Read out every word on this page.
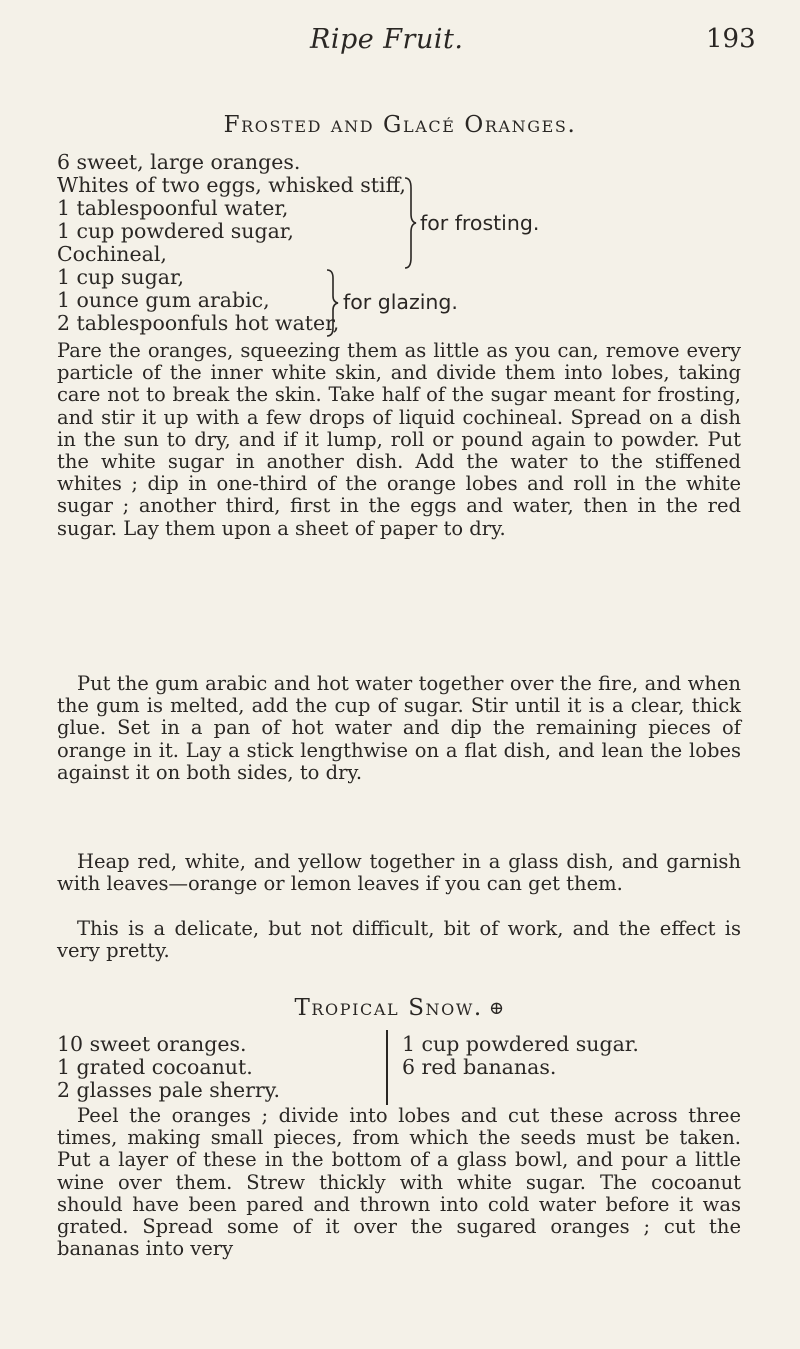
Ripe Fruit.	193
Frosted and Glacé Oranges.
6 sweet, large oranges.
Whites of two eggs, whisked stiff,
1 tablespoonful water,
1 cup powdered sugar,
Cochineal,
1 cup sugar,
1 ounce gum arabic,
2 tablespoonfuls hot water,
for frosting.
for glazing.

Pare the oranges, squeezing them as little as you can, remove every particle of the inner white skin, and divide them into lobes, taking care not to break the skin. Take half of the sugar meant for frosting, and stir it up with a few drops of liquid cochineal. Spread on a dish in the sun to dry, and if it lump, roll or pound again to powder. Put the white sugar in another dish. Add the water to the stiffened whites ; dip in one-third of the orange lobes and roll in the white sugar ; another third, first in the eggs and water, then in the red sugar. Lay them upon a sheet of paper to dry.

Put the gum arabic and hot water together over the fire, and when the gum is melted, add the cup of sugar. Stir until it is a clear, thick glue. Set in a pan of hot water and dip the remaining pieces of orange in it. Lay a stick lengthwise on a flat dish, and lean the lobes against it on both sides, to dry.

Heap red, white, and yellow together in a glass dish, and garnish with leaves—orange or lemon leaves if you can get them.

This is a delicate, but not difficult, bit of work, and the effect is very pretty.

Tropical Snow. ⊕
10 sweet oranges.
1 grated cocoanut.
2 glasses pale sherry.
1 cup powdered sugar.
6 red bananas.

Peel the oranges ; divide into lobes and cut these across three times, making small pieces, from which the seeds must be taken. Put a layer of these in the bottom of a glass bowl, and pour a little wine over them. Strew thickly with white sugar. The cocoanut should have been pared and thrown into cold water before it was grated. Spread some of it over the sugared oranges ; cut the bananas into very
